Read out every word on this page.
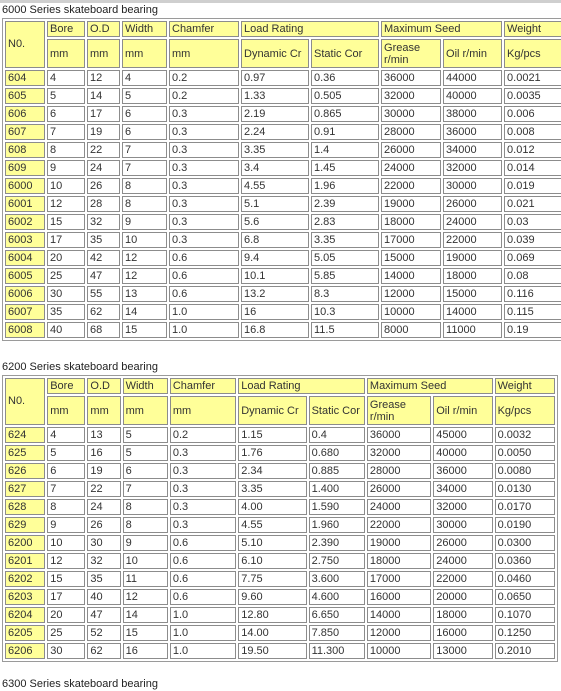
6000 Series skateboard bearing
N0.	Bore	O.D	Width	Chamfer	Load Rating		Maximum Seed		Weight
	mm	mm	mm	mm	Dynamic Cr	Static Cor	Grease r/min	Oil r/min	Kg/pcs
604	4	12	4	0.2	0.97	0.36	36000	44000	0.0021
605	5	14	5	0.2	1.33	0.505	32000	40000	0.0035
606	6	17	6	0.3	2.19	0.865	30000	38000	0.006
607	7	19	6	0.3	2.24	0.91	28000	36000	0.008
608	8	22	7	0.3	3.35	1.4	26000	34000	0.012
609	9	24	7	0.3	3.4	1.45	24000	32000	0.014
6000	10	26	8	0.3	4.55	1.96	22000	30000	0.019
6001	12	28	8	0.3	5.1	2.39	19000	26000	0.021
6002	15	32	9	0.3	5.6	2.83	18000	24000	0.03
6003	17	35	10	0.3	6.8	3.35	17000	22000	0.039
6004	20	42	12	0.6	9.4	5.05	15000	19000	0.069
6005	25	47	12	0.6	10.1	5.85	14000	18000	0.08
6006	30	55	13	0.6	13.2	8.3	12000	15000	0.116
6007	35	62	14	1.0	16	10.3	10000	14000	0.115
6008	40	68	15	1.0	16.8	11.5	8000	11000	0.19
6200 Series skateboard bearing
N0.	Bore	O.D	Width	Chamfer	Load Rating		Maximum Seed		Weight
	mm	mm	mm	mm	Dynamic Cr	Static Cor	Grease r/min	Oil r/min	Kg/pcs
624	4	13	5	0.2	1.15	0.4	36000	45000	0.0032
625	5	16	5	0.3	1.76	0.680	32000	40000	0.0050
626	6	19	6	0.3	2.34	0.885	28000	36000	0.0080
627	7	22	7	0.3	3.35	1.400	26000	34000	0.0130
628	8	24	8	0.3	4.00	1.590	24000	32000	0.0170
629	9	26	8	0.3	4.55	1.960	22000	30000	0.0190
6200	10	30	9	0.6	5.10	2.390	19000	26000	0.0300
6201	12	32	10	0.6	6.10	2.750	18000	24000	0.0360
6202	15	35	11	0.6	7.75	3.600	17000	22000	0.0460
6203	17	40	12	0.6	9.60	4.600	16000	20000	0.0650
6204	20	47	14	1.0	12.80	6.650	14000	18000	0.1070
6205	25	52	15	1.0	14.00	7.850	12000	16000	0.1250
6206	30	62	16	1.0	19.50	11.300	10000	13000	0.2010
6300 Series skateboard bearing
